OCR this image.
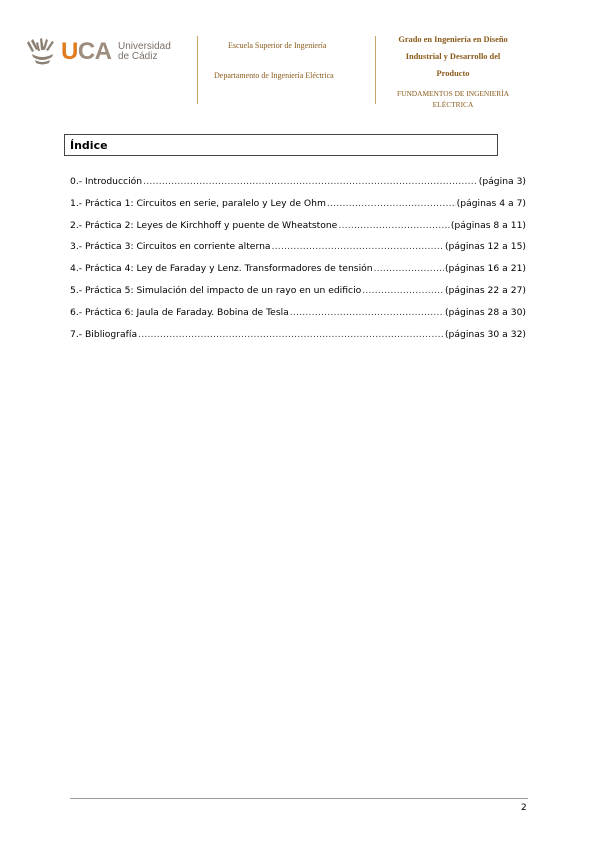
UCA Universidad
de Cádiz
Escuela Superior de Ingeniería
Departamento de Ingeniería Eléctrica
Grado en Ingeniería en Diseño
Industrial y Desarrollo del
Producto
FUNDAMENTOS DE INGENIERÍA
ELÉCTRICA
Índice
0.- Introducción .....	(página 3)
1.- Práctica 1: Circuitos en serie, paralelo y Ley de Ohm .....	(páginas 4 a 7)
2.- Práctica 2: Leyes de Kirchhoff y puente de Wheatstone .....	(páginas 8 a 11)
3.- Práctica 3: Circuitos en corriente alterna .....	(páginas 12 a 15)
4.- Práctica 4: Ley de Faraday y Lenz. Transformadores de tensión .....	(páginas 16 a 21)
5.- Práctica 5: Simulación del impacto de un rayo en un edificio .....	(páginas 22 a 27)
6.- Práctica 6: Jaula de Faraday. Bobina de Tesla .....	(páginas 28 a 30)
7.- Bibliografía .....	(páginas 30 a 32)
2
